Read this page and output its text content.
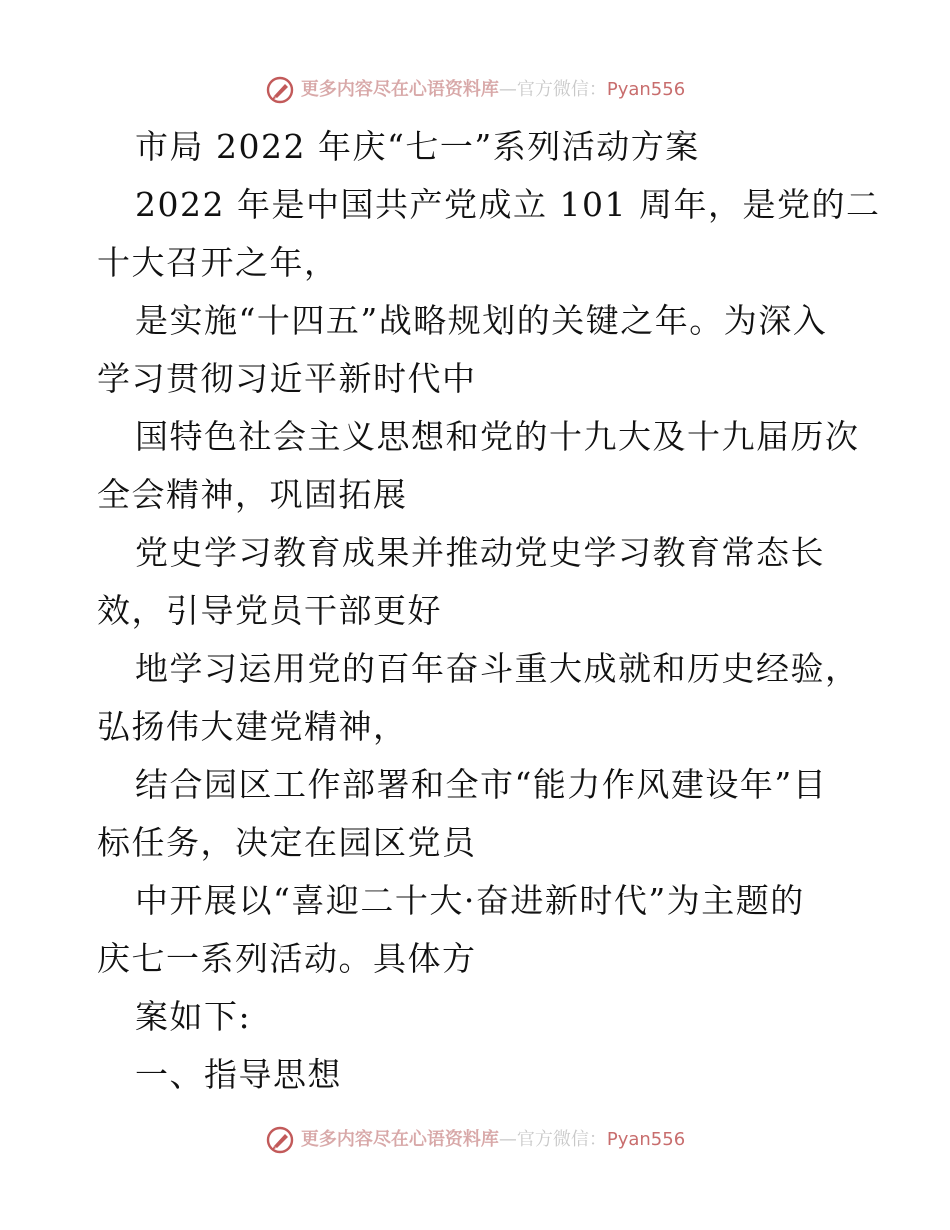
更多内容尽在心语资料库—官方微信：Pyan556
市局 2022 年庆“七一”系列活动方案
2022 年是中国共产党成立 101 周年，是党的二
十大召开之年，
是实施“十四五”战略规划的关键之年。为深入
学习贯彻习近平新时代中
国特色社会主义思想和党的十九大及十九届历次
全会精神，巩固拓展
党史学习教育成果并推动党史学习教育常态长
效，引导党员干部更好
地学习运用党的百年奋斗重大成就和历史经验，
弘扬伟大建党精神，
结合园区工作部署和全市“能力作风建设年”目
标任务，决定在园区党员
中开展以“喜迎二十大·奋进新时代”为主题的
庆七一系列活动。具体方
案如下:
一、指导思想
更多内容尽在心语资料库—官方微信：Pyan556
